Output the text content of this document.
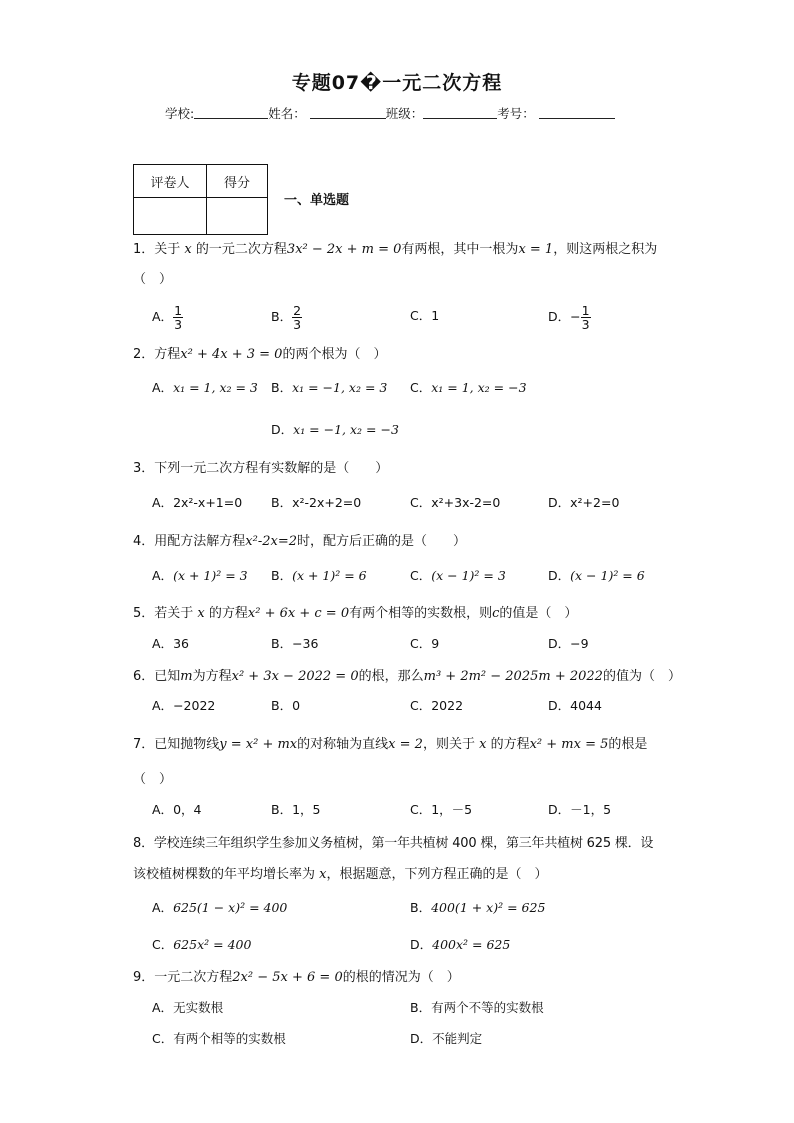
专题07�一元二次方程
学校:	姓名：	班级：	考号：
评卷人	得分

一、单选题
1．关于 x 的一元二次方程3x² − 2x + m = 0有两根，其中一根为x = 1，则这两根之积为
（　）
A． $\frac{1}{3}$	B． $\frac{2}{3}$	C．1	D．− $\frac{1}{3}$
2．方程x² + 4x + 3 = 0的两个根为（　）
A．x₁ = 1, x₂ = 3 B．x₁ = −1, x₂ = 3 C．x₁ = 1, x₂ = −3
D．x₁ = −1, x₂ = −3
3．下列一元二次方程有实数解的是（　　）
A．2x²-x+1=0 B．x²-2x+2=0	C．x²+3x-2=0	D．x²+2=0
4．用配方法解方程x²-2x=2时，配方后正确的是（　　）
A．(x + 1)² = 3 B．(x + 1)² = 6	C．(x − 1)² = 3	D．(x − 1)² = 6
5．若关于 x 的方程x² + 6x + c = 0有两个相等的实数根，则c的值是（　）
A．36	B．−36	C．9	D．−9
6．已知m为方程x² + 3x − 2022 = 0的根，那么m³ + 2m² − 2025m + 2022的值为（　）
A．−2022	B．0	C．2022	D．4044
7．已知抛物线y = x² + mx的对称轴为直线x = 2，则关于 x 的方程x² + mx = 5的根是
（　）
A．0，4	B．1，5	C．1，－5	D．－1，5
8．学校连续三年组织学生参加义务植树，第一年共植树 400 棵，第三年共植树 625 棵．设
该校植树棵数的年平均增长率为 x，根据题意，下列方程正确的是（　）
A．625(1 − x)² = 400	B．400(1 + x)² = 625
C．625x² = 400	D．400x² = 625
9．一元二次方程2x² − 5x + 6 = 0的根的情况为（　）
A．无实数根	B．有两个不等的实数根
C．有两个相等的实数根	D．不能判定
